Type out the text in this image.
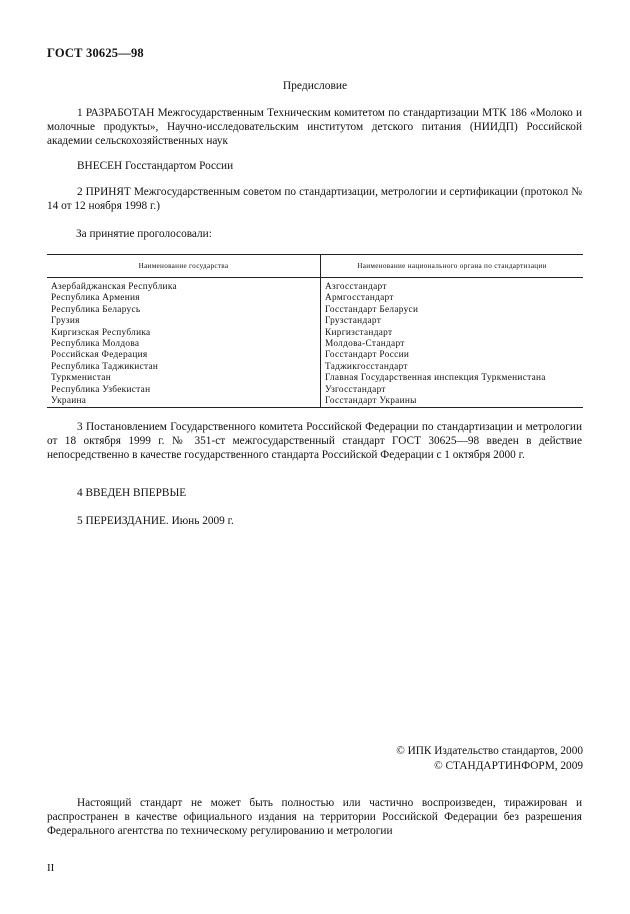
ГОСТ 30625—98
Предисловие
1 РАЗРАБОТАН Межгосударственным Техническим комитетом по стандартизации МТК 186 «Молоко и молочные продукты», Научно-исследовательским институтом детского питания (НИИДП) Российской академии сельскохозяйственных наук
ВНЕСЕН Госстандартом России
2 ПРИНЯТ Межгосударственным советом по стандартизации, метрологии и сертификации (протокол № 14 от 12 ноября 1998 г.)
За принятие проголосовали:
Наименование государства	Наименование национального органа по стандартизации
Азербайджанская Республика	Азгосстандарт
Республика Армения	Армгосстандарт
Республика Беларусь	Госстандарт Беларуси
Грузия	Грузстандарт
Киргизская Республика	Киргизстандарт
Республика Молдова	Молдова-Стандарт
Российская Федерация	Госстандарт России
Республика Таджикистан	Таджикгосстандарт
Туркменистан	Главная Государственная инспекция Туркменистана
Республика Узбекистан	Узгосстандарт
Украина	Госстандарт Украины
3 Постановлением Государственного комитета Российской Федерации по стандартизации и метрологии от 18 октября 1999 г. № 351-ст межгосударственный стандарт ГОСТ 30625—98 введен в действие непосредственно в качестве государственного стандарта Российской Федерации с 1 октября 2000 г.
4 ВВЕДЕН ВПЕРВЫЕ
5 ПЕРЕИЗДАНИЕ. Июнь 2009 г.
© ИПК Издательство стандартов, 2000
© СТАНДАРТИНФОРМ, 2009
Настоящий стандарт не может быть полностью или частично воспроизведен, тиражирован и распространен в качестве официального издания на территории Российской Федерации без разрешения Федерального агентства по техническому регулированию и метрологии
II
